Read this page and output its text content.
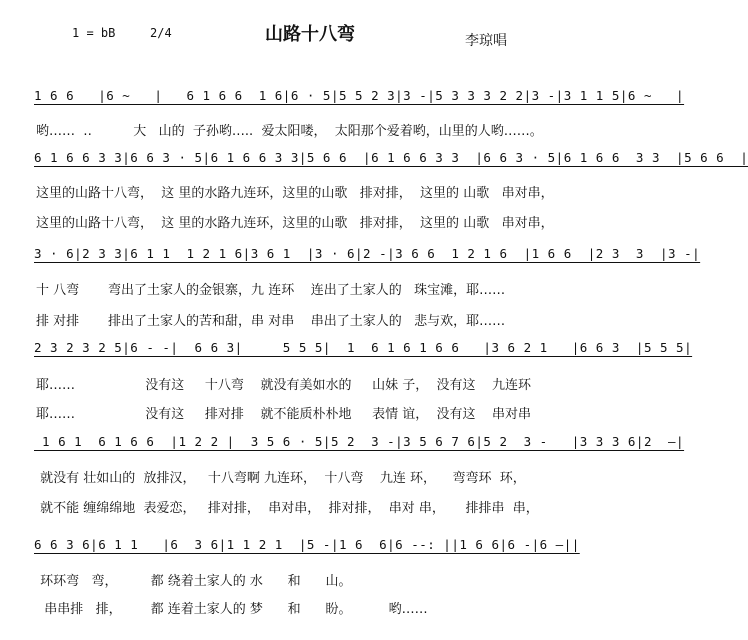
1 = bB	2/4	山路十八弯	李琼唱
1 6 6   |6 ~   |   6 1 6 6  1 6|6 · 5|5 5 2 3|3 -|5 3 3 3 2 2|3 -|3 1 1 5|6 ~   |
哟……  ‥          大   山的  子孙哟…..  爱太阳喽，  太阳那个爱着哟，山里的人哟……。
6 1 6 6 3 3|6 6 3 · 5|6 1 6 6 3 3|5 6 6  |6 1 6 6 3 3  |6 6 3 · 5|6 1 6 6  3 3  |5 6 6  |
这里的山路十八弯，  这 里的水路九连环，这里的山歌   排对排，  这里的 山歌   串对串，
这里的山路十八弯，  这 里的水路九连环，这里的山歌   排对排，  这里的 山歌   串对串，
3 · 6|2 3 3|6 1 1  1 2 1 6|3 6 1  |3 · 6|2 -|3 6 6  1 2 1 6  |1 6 6  |2 3  3  |3 -|
十 八弯       弯出了土家人的金银寨，九 连环    连出了土家人的   珠宝滩，耶……
排 对排       排出了土家人的苦和甜，串 对串    串出了土家人的   悲与欢，耶……
2 3 2 3 2 5|6 - -|  6 6 3|     5 5 5|  1  6 1 6 1 6 6   |3 6 2 1   |6 6 3  |5 5 5|
耶……                 没有这     十八弯    就没有美如水的     山妹 子，  没有这    九连环
耶……                 没有这     排对排    就不能质朴朴地     表情 谊，  没有这    串对串
1 6 1  6 1 6 6  |1 2 2 |  3 5 6 · 5|5 2  3 -|3 5 6 7 6|5 2  3 -   |3 3 3 6|2  —|
就没有 壮如山的  放排汉，   十八弯啊 九连环，  十八弯    九连 环，    弯弯环  环，
就不能 缠绵绵地  表爱恋，   排对排，  串对串，  排对排，  串对 串，     排排串  串，
6 6 3 6|6 1 1   |6  3 6|1 1 2 1  |5 -|1 6  6|6 --: ||1 6 6|6 -|6 —||
环环弯   弯，        都 绕着土家人的 水      和      山。
串串排   排，       都 连着土家人的 梦      和      盼。         哟……
